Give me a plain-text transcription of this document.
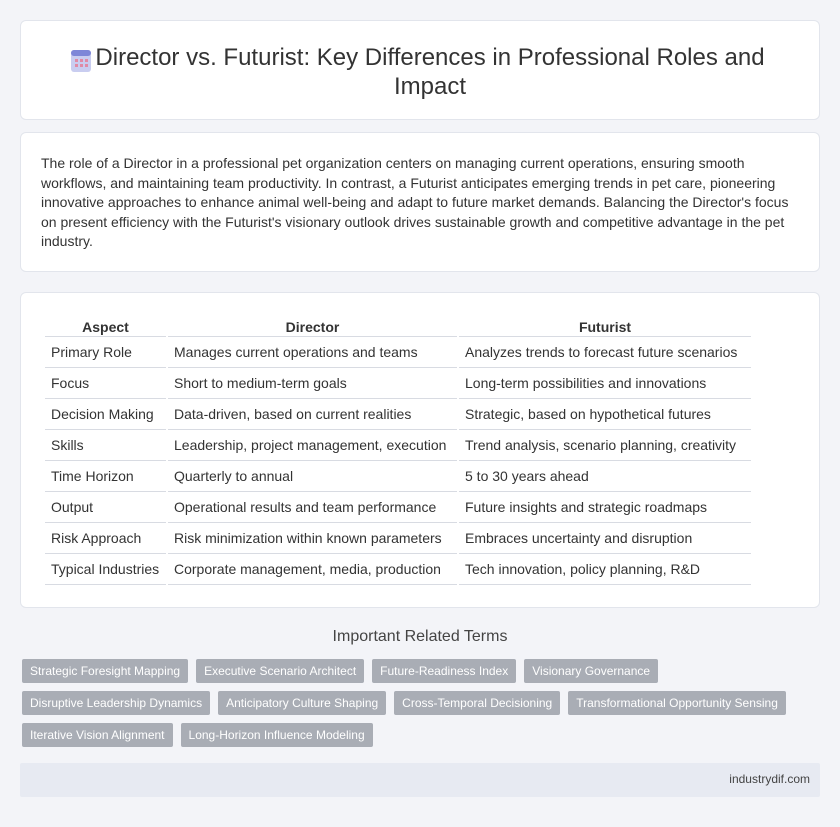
Director vs. Futurist: Key Differences in Professional Roles and Impact

The role of a Director in a professional pet organization centers on managing current operations, ensuring smooth workflows, and maintaining team productivity. In contrast, a Futurist anticipates emerging trends in pet care, pioneering innovative approaches to enhance animal well-being and adapt to future market demands. Balancing the Director's focus on present efficiency with the Futurist's visionary outlook drives sustainable growth and competitive advantage in the pet industry.

Aspect	Director	Futurist
Primary Role	Manages current operations and teams	Analyzes trends to forecast future scenarios
Focus	Short to medium-term goals	Long-term possibilities and innovations
Decision Making	Data-driven, based on current realities	Strategic, based on hypothetical futures
Skills	Leadership, project management, execution	Trend analysis, scenario planning, creativity
Time Horizon	Quarterly to annual	5 to 30 years ahead
Output	Operational results and team performance	Future insights and strategic roadmaps
Risk Approach	Risk minimization within known parameters	Embraces uncertainty and disruption
Typical Industries	Corporate management, media, production	Tech innovation, policy planning, R&D
Important Related Terms
Strategic Foresight Mapping	Executive Scenario Architect	Future-Readiness Index	Visionary Governance
Disruptive Leadership Dynamics	Anticipatory Culture Shaping	Cross-Temporal Decisioning	Transformational Opportunity Sensing
Iterative Vision Alignment	Long-Horizon Influence Modeling
industrydif.com
